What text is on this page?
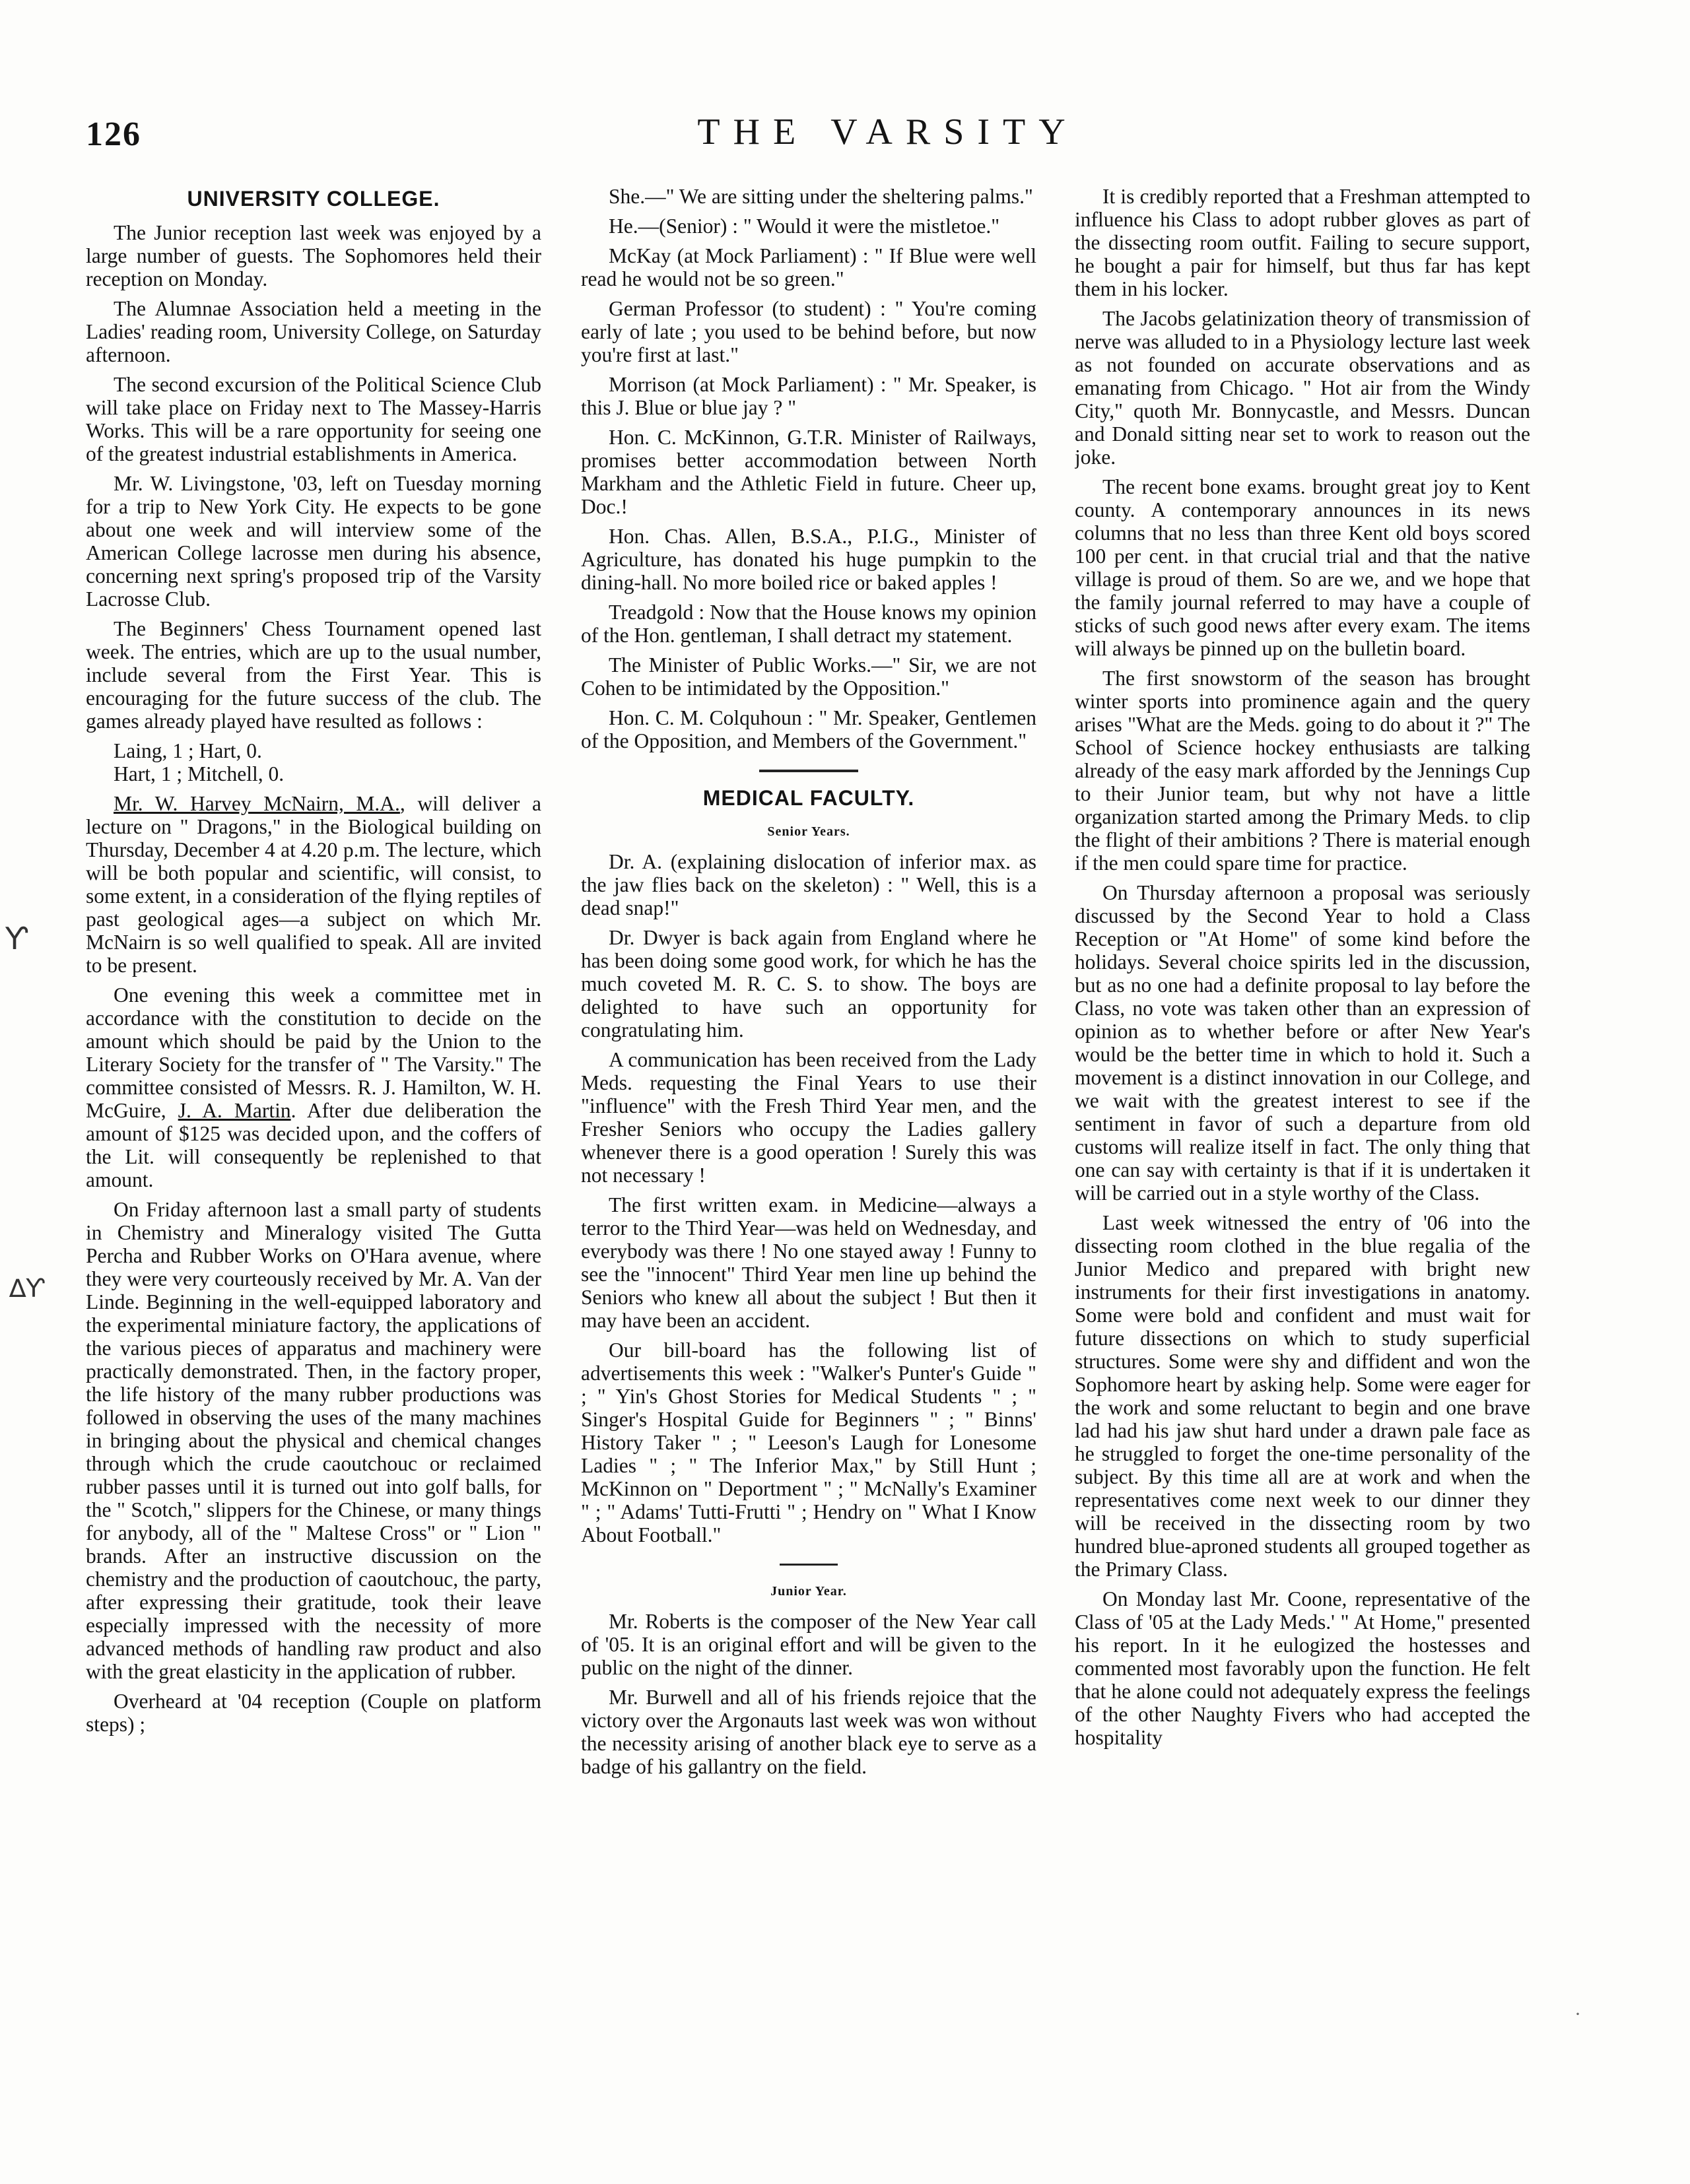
126	THE VARSITY
Ƴ
∆Ƴ
·
UNIVERSITY COLLEGE.

The Junior reception last week was enjoyed by a large number of guests. The Sophomores held their reception on Monday.

The Alumnae Association held a meeting in the Ladies' reading room, University College, on Saturday afternoon.

The second excursion of the Political Science Club will take place on Friday next to The Massey-Harris Works. This will be a rare opportunity for seeing one of the greatest industrial establishments in America.

Mr. W. Livingstone, '03, left on Tuesday morning for a trip to New York City. He expects to be gone about one week and will interview some of the American College lacrosse men during his absence, concerning next spring's proposed trip of the Varsity Lacrosse Club.

The Beginners' Chess Tournament opened last week. The entries, which are up to the usual number, include several from the First Year. This is encouraging for the future success of the club. The games already played have resulted as follows :

Laing, 1 ; Hart, 0.
Hart, 1 ; Mitchell, 0.

Mr. W. Harvey McNairn, M.A., will deliver a lecture on " Dragons," in the Biological building on Thursday, December 4 at 4.20 p.m. The lecture, which will be both popular and scientific, will consist, to some extent, in a consideration of the flying reptiles of past geological ages—a subject on which Mr. McNairn is so well qualified to speak. All are invited to be present.

One evening this week a committee met in accordance with the constitution to decide on the amount which should be paid by the Union to the Literary Society for the transfer of " The Varsity." The committee consisted of Messrs. R. J. Hamilton, W. H. McGuire, J. A. Martin. After due deliberation the amount of $125 was decided upon, and the coffers of the Lit. will consequently be replenished to that amount.

On Friday afternoon last a small party of students in Chemistry and Mineralogy visited The Gutta Percha and Rubber Works on O'Hara avenue, where they were very courteously received by Mr. A. Van der Linde. Beginning in the well-equipped laboratory and the experimental miniature factory, the applications of the various pieces of apparatus and machinery were practically demonstrated. Then, in the factory proper, the life history of the many rubber productions was followed in observing the uses of the many machines in bringing about the physical and chemical changes through which the crude caoutchouc or reclaimed rubber passes until it is turned out into golf balls, for the " Scotch," slippers for the Chinese, or many things for anybody, all of the " Maltese Cross" or " Lion " brands. After an instructive discussion on the chemistry and the production of caoutchouc, the party, after expressing their gratitude, took their leave especially impressed with the necessity of more advanced methods of handling raw product and also with the great elasticity in the application of rubber.

Overheard at '04 reception (Couple on platform steps) ;

She.—" We are sitting under the sheltering palms."

He.—(Senior) : " Would it were the mistletoe."

McKay (at Mock Parliament) : " If Blue were well read he would not be so green."

German Professor (to student) : " You're coming early of late ; you used to be behind before, but now you're first at last."

Morrison (at Mock Parliament) : " Mr. Speaker, is this J. Blue or blue jay ? "

Hon. C. McKinnon, G.T.R. Minister of Railways, promises better accommodation between North Markham and the Athletic Field in future. Cheer up, Doc.!

Hon. Chas. Allen, B.S.A., P.I.G., Minister of Agriculture, has donated his huge pumpkin to the dining-hall. No more boiled rice or baked apples !

Treadgold : Now that the House knows my opinion of the Hon. gentleman, I shall detract my statement.

The Minister of Public Works.—" Sir, we are not Cohen to be intimidated by the Opposition."

Hon. C. M. Colquhoun : " Mr. Speaker, Gentlemen of the Opposition, and Members of the Government."

MEDICAL FACULTY.
Senior Years.

Dr. A. (explaining dislocation of inferior max. as the jaw flies back on the skeleton) : " Well, this is a dead snap!"

Dr. Dwyer is back again from England where he has been doing some good work, for which he has the much coveted M. R. C. S. to show. The boys are delighted to have such an opportunity for congratulating him.

A communication has been received from the Lady Meds. requesting the Final Years to use their "influence" with the Fresh Third Year men, and the Fresher Seniors who occupy the Ladies gallery whenever there is a good operation ! Surely this was not necessary !

The first written exam. in Medicine—always a terror to the Third Year—was held on Wednesday, and everybody was there ! No one stayed away ! Funny to see the "innocent" Third Year men line up behind the Seniors who knew all about the subject ! But then it may have been an accident.

Our bill-board has the following list of advertisements this week : "Walker's Punter's Guide " ; " Yin's Ghost Stories for Medical Students " ; " Singer's Hospital Guide for Beginners " ; " Binns' History Taker " ; " Leeson's Laugh for Lonesome Ladies " ; " The Inferior Max," by Still Hunt ; McKinnon on " Deportment " ; " McNally's Examiner " ; " Adams' Tutti-Frutti " ; Hendry on " What I Know About Football."

Junior Year.

Mr. Roberts is the composer of the New Year call of '05. It is an original effort and will be given to the public on the night of the dinner.

Mr. Burwell and all of his friends rejoice that the victory over the Argonauts last week was won without the necessity arising of another black eye to serve as a badge of his gallantry on the field.

It is credibly reported that a Freshman attempted to influence his Class to adopt rubber gloves as part of the dissecting room outfit. Failing to secure support, he bought a pair for himself, but thus far has kept them in his locker.

The Jacobs gelatinization theory of transmission of nerve was alluded to in a Physiology lecture last week as not founded on accurate observations and as emanating from Chicago. " Hot air from the Windy City," quoth Mr. Bonnycastle, and Messrs. Duncan and Donald sitting near set to work to reason out the joke.

The recent bone exams. brought great joy to Kent county. A contemporary announces in its news columns that no less than three Kent old boys scored 100 per cent. in that crucial trial and that the native village is proud of them. So are we, and we hope that the family journal referred to may have a couple of sticks of such good news after every exam. The items will always be pinned up on the bulletin board.

The first snowstorm of the season has brought winter sports into prominence again and the query arises "What are the Meds. going to do about it ?" The School of Science hockey enthusiasts are talking already of the easy mark afforded by the Jennings Cup to their Junior team, but why not have a little organization started among the Primary Meds. to clip the flight of their ambitions ? There is material enough if the men could spare time for practice.

On Thursday afternoon a proposal was seriously discussed by the Second Year to hold a Class Reception or "At Home" of some kind before the holidays. Several choice spirits led in the discussion, but as no one had a definite proposal to lay before the Class, no vote was taken other than an expression of opinion as to whether before or after New Year's would be the better time in which to hold it. Such a movement is a distinct innovation in our College, and we wait with the greatest interest to see if the sentiment in favor of such a departure from old customs will realize itself in fact. The only thing that one can say with certainty is that if it is undertaken it will be carried out in a style worthy of the Class.

Last week witnessed the entry of '06 into the dissecting room clothed in the blue regalia of the Junior Medico and prepared with bright new instruments for their first investigations in anatomy. Some were bold and confident and must wait for future dissections on which to study superficial structures. Some were shy and diffident and won the Sophomore heart by asking help. Some were eager for the work and some reluctant to begin and one brave lad had his jaw shut hard under a drawn pale face as he struggled to forget the one-time personality of the subject. By this time all are at work and when the representatives come next week to our dinner they will be received in the dissecting room by two hundred blue-aproned students all grouped together as the Primary Class.

On Monday last Mr. Coone, representative of the Class of '05 at the Lady Meds.' " At Home," presented his report. In it he eulogized the hostesses and commented most favorably upon the function. He felt that he alone could not adequately express the feelings of the other Naughty Fivers who had accepted the hospitality
